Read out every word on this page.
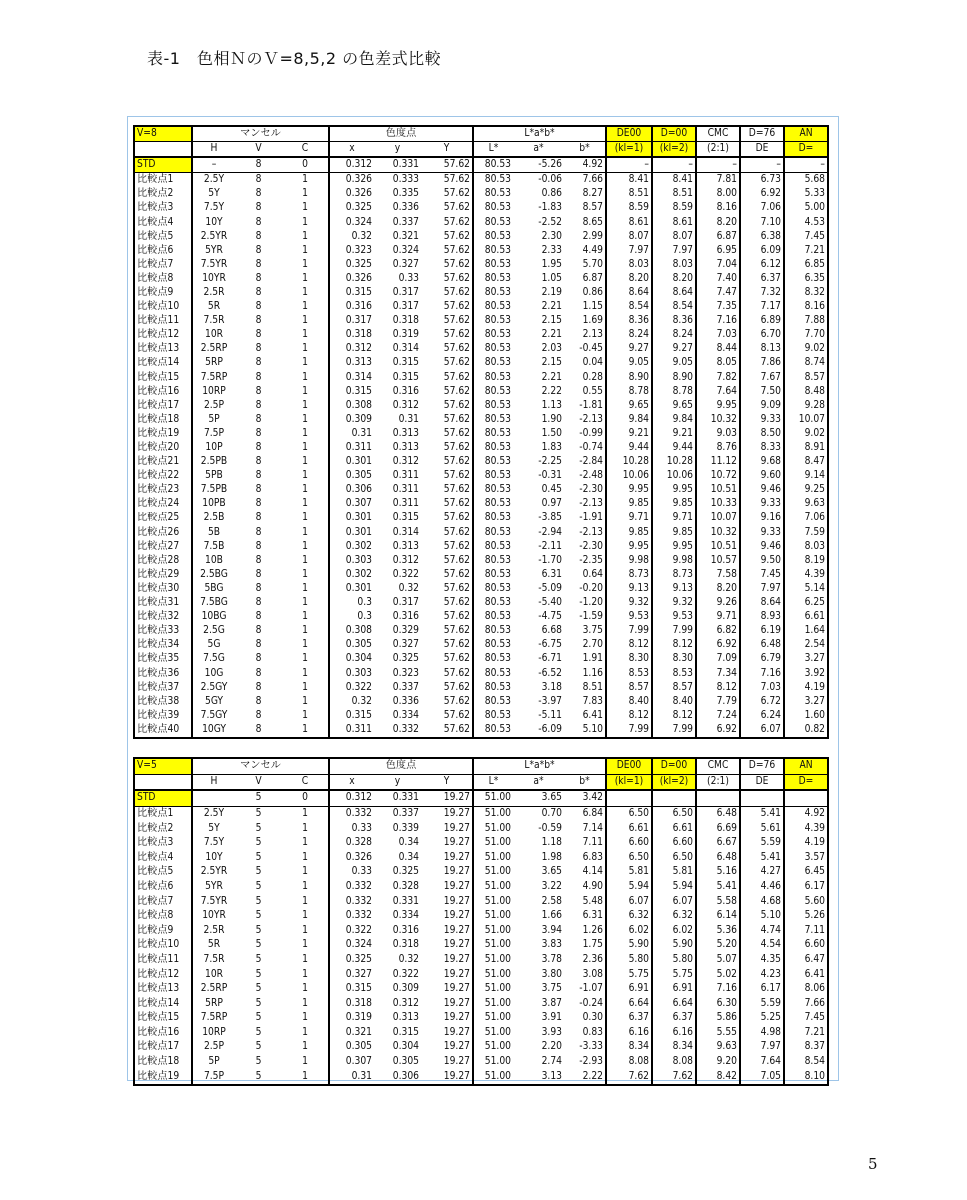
表-1　色相ＮのＶ=8,5,2 の色差式比較
V=8	マンセル			色度点			L*a*b*			DE00	D=00	CMC	D=76	AN
	H	V	C	x	y	Y	L*	a*	b*	(kl=1)	(kl=2)	(2:1)	DE	D=
STD	–	8	0	0.312	0.331	57.62	80.53	-5.26	4.92	–	–	–	–	–
比較点1	2.5Y	8	1	0.326	0.333	57.62	80.53	-0.06	7.66	8.41	8.41	7.81	6.73	5.68
比較点2	5Y	8	1	0.326	0.335	57.62	80.53	0.86	8.27	8.51	8.51	8.00	6.92	5.33
比較点3	7.5Y	8	1	0.325	0.336	57.62	80.53	-1.83	8.57	8.59	8.59	8.16	7.06	5.00
比較点4	10Y	8	1	0.324	0.337	57.62	80.53	-2.52	8.65	8.61	8.61	8.20	7.10	4.53
比較点5	2.5YR	8	1	0.32	0.321	57.62	80.53	2.30	2.99	8.07	8.07	6.87	6.38	7.45
比較点6	5YR	8	1	0.323	0.324	57.62	80.53	2.33	4.49	7.97	7.97	6.95	6.09	7.21
比較点7	7.5YR	8	1	0.325	0.327	57.62	80.53	1.95	5.70	8.03	8.03	7.04	6.12	6.85
比較点8	10YR	8	1	0.326	0.33	57.62	80.53	1.05	6.87	8.20	8.20	7.40	6.37	6.35
比較点9	2.5R	8	1	0.315	0.317	57.62	80.53	2.19	0.86	8.64	8.64	7.47	7.32	8.32
比較点10	5R	8	1	0.316	0.317	57.62	80.53	2.21	1.15	8.54	8.54	7.35	7.17	8.16
比較点11	7.5R	8	1	0.317	0.318	57.62	80.53	2.15	1.69	8.36	8.36	7.16	6.89	7.88
比較点12	10R	8	1	0.318	0.319	57.62	80.53	2.21	2.13	8.24	8.24	7.03	6.70	7.70
比較点13	2.5RP	8	1	0.312	0.314	57.62	80.53	2.03	-0.45	9.27	9.27	8.44	8.13	9.02
比較点14	5RP	8	1	0.313	0.315	57.62	80.53	2.15	0.04	9.05	9.05	8.05	7.86	8.74
比較点15	7.5RP	8	1	0.314	0.315	57.62	80.53	2.21	0.28	8.90	8.90	7.82	7.67	8.57
比較点16	10RP	8	1	0.315	0.316	57.62	80.53	2.22	0.55	8.78	8.78	7.64	7.50	8.48
比較点17	2.5P	8	1	0.308	0.312	57.62	80.53	1.13	-1.81	9.65	9.65	9.95	9.09	9.28
比較点18	5P	8	1	0.309	0.31	57.62	80.53	1.90	-2.13	9.84	9.84	10.32	9.33	10.07
比較点19	7.5P	8	1	0.31	0.313	57.62	80.53	1.50	-0.99	9.21	9.21	9.03	8.50	9.02
比較点20	10P	8	1	0.311	0.313	57.62	80.53	1.83	-0.74	9.44	9.44	8.76	8.33	8.91
比較点21	2.5PB	8	1	0.301	0.312	57.62	80.53	-2.25	-2.84	10.28	10.28	11.12	9.68	8.47
比較点22	5PB	8	1	0.305	0.311	57.62	80.53	-0.31	-2.48	10.06	10.06	10.72	9.60	9.14
比較点23	7.5PB	8	1	0.306	0.311	57.62	80.53	0.45	-2.30	9.95	9.95	10.51	9.46	9.25
比較点24	10PB	8	1	0.307	0.311	57.62	80.53	0.97	-2.13	9.85	9.85	10.33	9.33	9.63
比較点25	2.5B	8	1	0.301	0.315	57.62	80.53	-3.85	-1.91	9.71	9.71	10.07	9.16	7.06
比較点26	5B	8	1	0.301	0.314	57.62	80.53	-2.94	-2.13	9.85	9.85	10.32	9.33	7.59
比較点27	7.5B	8	1	0.302	0.313	57.62	80.53	-2.11	-2.30	9.95	9.95	10.51	9.46	8.03
比較点28	10B	8	1	0.303	0.312	57.62	80.53	-1.70	-2.35	9.98	9.98	10.57	9.50	8.19
比較点29	2.5BG	8	1	0.302	0.322	57.62	80.53	6.31	0.64	8.73	8.73	7.58	7.45	4.39
比較点30	5BG	8	1	0.301	0.32	57.62	80.53	-5.09	-0.20	9.13	9.13	8.20	7.97	5.14
比較点31	7.5BG	8	1	0.3	0.317	57.62	80.53	-5.40	-1.20	9.32	9.32	9.26	8.64	6.25
比較点32	10BG	8	1	0.3	0.316	57.62	80.53	-4.75	-1.59	9.53	9.53	9.71	8.93	6.61
比較点33	2.5G	8	1	0.308	0.329	57.62	80.53	6.68	3.75	7.99	7.99	6.82	6.19	1.64
比較点34	5G	8	1	0.305	0.327	57.62	80.53	-6.75	2.70	8.12	8.12	6.92	6.48	2.54
比較点35	7.5G	8	1	0.304	0.325	57.62	80.53	-6.71	1.91	8.30	8.30	7.09	6.79	3.27
比較点36	10G	8	1	0.303	0.323	57.62	80.53	-6.52	1.16	8.53	8.53	7.34	7.16	3.92
比較点37	2.5GY	8	1	0.322	0.337	57.62	80.53	3.18	8.51	8.57	8.57	8.12	7.03	4.19
比較点38	5GY	8	1	0.32	0.336	57.62	80.53	-3.97	7.83	8.40	8.40	7.79	6.72	3.27
比較点39	7.5GY	8	1	0.315	0.334	57.62	80.53	-5.11	6.41	8.12	8.12	7.24	6.24	1.60
比較点40	10GY	8	1	0.311	0.332	57.62	80.53	-6.09	5.10	7.99	7.99	6.92	6.07	0.82
V=5	マンセル			色度点			L*a*b*			DE00	D=00	CMC	D=76	AN
	H	V	C	x	y	Y	L*	a*	b*	(kl=1)	(kl=2)	(2:1)	DE	D=
STD		5	0	0.312	0.331	19.27	51.00	3.65	3.42					
比較点1	2.5Y	5	1	0.332	0.337	19.27	51.00	0.70	6.84	6.50	6.50	6.48	5.41	4.92
比較点2	5Y	5	1	0.33	0.339	19.27	51.00	-0.59	7.14	6.61	6.61	6.69	5.61	4.39
比較点3	7.5Y	5	1	0.328	0.34	19.27	51.00	1.18	7.11	6.60	6.60	6.67	5.59	4.19
比較点4	10Y	5	1	0.326	0.34	19.27	51.00	1.98	6.83	6.50	6.50	6.48	5.41	3.57
比較点5	2.5YR	5	1	0.33	0.325	19.27	51.00	3.65	4.14	5.81	5.81	5.16	4.27	6.45
比較点6	5YR	5	1	0.332	0.328	19.27	51.00	3.22	4.90	5.94	5.94	5.41	4.46	6.17
比較点7	7.5YR	5	1	0.332	0.331	19.27	51.00	2.58	5.48	6.07	6.07	5.58	4.68	5.60
比較点8	10YR	5	1	0.332	0.334	19.27	51.00	1.66	6.31	6.32	6.32	6.14	5.10	5.26
比較点9	2.5R	5	1	0.322	0.316	19.27	51.00	3.94	1.26	6.02	6.02	5.36	4.74	7.11
比較点10	5R	5	1	0.324	0.318	19.27	51.00	3.83	1.75	5.90	5.90	5.20	4.54	6.60
比較点11	7.5R	5	1	0.325	0.32	19.27	51.00	3.78	2.36	5.80	5.80	5.07	4.35	6.47
比較点12	10R	5	1	0.327	0.322	19.27	51.00	3.80	3.08	5.75	5.75	5.02	4.23	6.41
比較点13	2.5RP	5	1	0.315	0.309	19.27	51.00	3.75	-1.07	6.91	6.91	7.16	6.17	8.06
比較点14	5RP	5	1	0.318	0.312	19.27	51.00	3.87	-0.24	6.64	6.64	6.30	5.59	7.66
比較点15	7.5RP	5	1	0.319	0.313	19.27	51.00	3.91	0.30	6.37	6.37	5.86	5.25	7.45
比較点16	10RP	5	1	0.321	0.315	19.27	51.00	3.93	0.83	6.16	6.16	5.55	4.98	7.21
比較点17	2.5P	5	1	0.305	0.304	19.27	51.00	2.20	-3.33	8.34	8.34	9.63	7.97	8.37
比較点18	5P	5	1	0.307	0.305	19.27	51.00	2.74	-2.93	8.08	8.08	9.20	7.64	8.54
比較点19	7.5P	5	1	0.31	0.306	19.27	51.00	3.13	2.22	7.62	7.62	8.42	7.05	8.10
5
